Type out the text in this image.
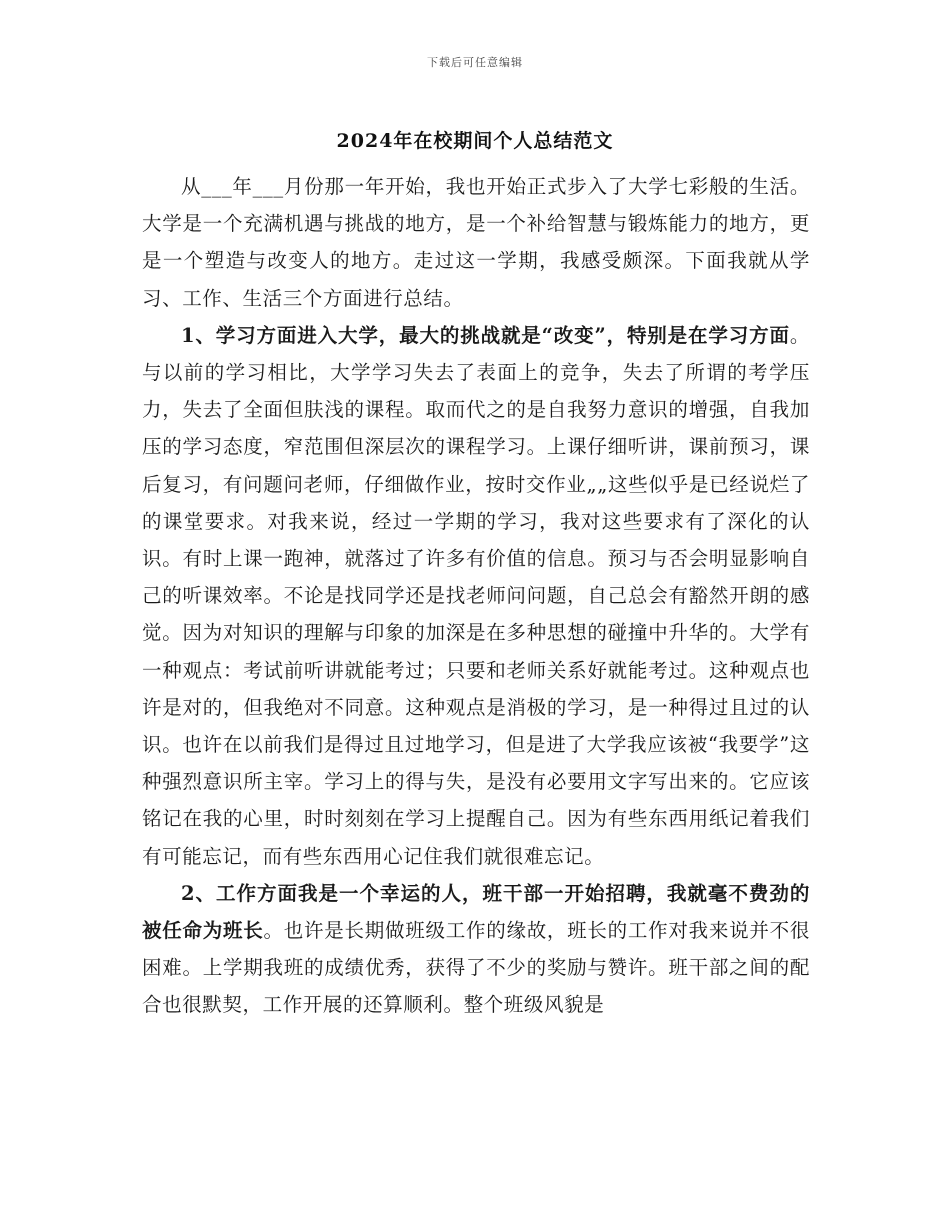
下载后可任意编辑
2024年在校期间个人总结范文

从___年___月份那一年开始，我也开始正式步入了大学七彩般的生活。大学是一个充满机遇与挑战的地方，是一个补给智慧与锻炼能力的地方，更是一个塑造与改变人的地方。走过这一学期，我感受颇深。下面我就从学习、工作、生活三个方面进行总结。

1、学习方面进入大学，最大的挑战就是“改变”，特别是在学习方面。与以前的学习相比，大学学习失去了表面上的竞争，失去了所谓的考学压力，失去了全面但肤浅的课程。取而代之的是自我努力意识的增强，自我加压的学习态度，窄范围但深层次的课程学习。上课仔细听讲，课前预习，课后复习，有问题问老师，仔细做作业，按时交作业„„这些似乎是已经说烂了的课堂要求。对我来说，经过一学期的学习，我对这些要求有了深化的认识。有时上课一跑神，就落过了许多有价值的信息。预习与否会明显影响自己的听课效率。不论是找同学还是找老师问问题，自己总会有豁然开朗的感觉。因为对知识的理解与印象的加深是在多种思想的碰撞中升华的。大学有一种观点：考试前听讲就能考过；只要和老师关系好就能考过。这种观点也许是对的，但我绝对不同意。这种观点是消极的学习，是一种得过且过的认识。也许在以前我们是得过且过地学习，但是进了大学我应该被“我要学”这种强烈意识所主宰。学习上的得与失，是没有必要用文字写出来的。它应该铭记在我的心里，时时刻刻在学习上提醒自己。因为有些东西用纸记着我们有可能忘记，而有些东西用心记住我们就很难忘记。

2、工作方面我是一个幸运的人，班干部一开始招聘，我就毫不费劲的被任命为班长。也许是长期做班级工作的缘故，班长的工作对我来说并不很困难。上学期我班的成绩优秀，获得了不少的奖励与赞许。班干部之间的配合也很默契，工作开展的还算顺利。整个班级风貌是
